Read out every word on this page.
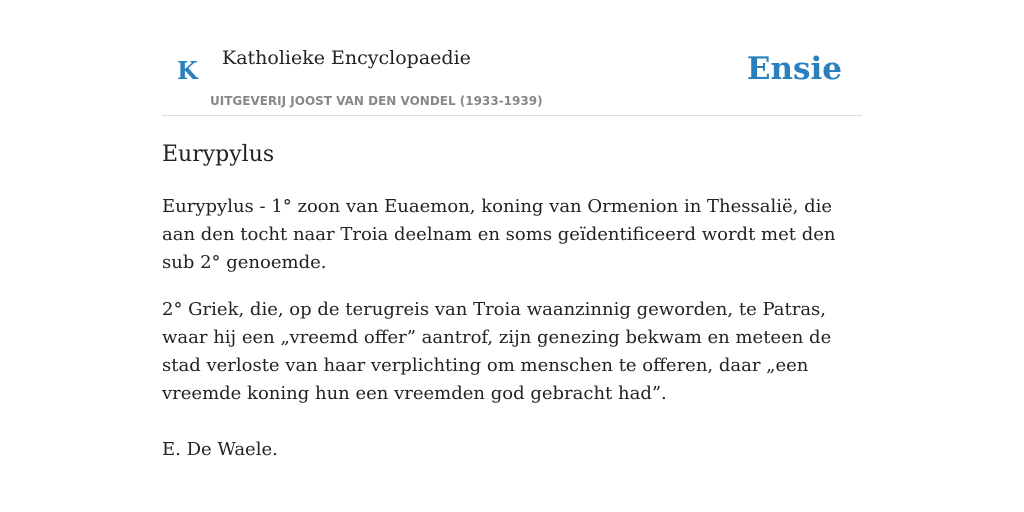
K Katholieke Encyclopaedie
UITGEVERIJ JOOST VAN DEN VONDEL (1933-1939)
Ensie
Eurypylus

Eurypylus - 1° zoon van Euaemon, koning van Ormenion in Thessalië, die aan den tocht naar Troia deelnam en soms geïdentificeerd wordt met den sub 2° genoemde.

2° Griek, die, op de terugreis van Troia waanzinnig geworden, te Patras, waar hij een „vreemd offer” aantrof, zijn genezing bekwam en meteen de stad verloste van haar verplichting om menschen te offeren, daar „een vreemde koning hun een vreemden god gebracht had”.

E. De Waele.
